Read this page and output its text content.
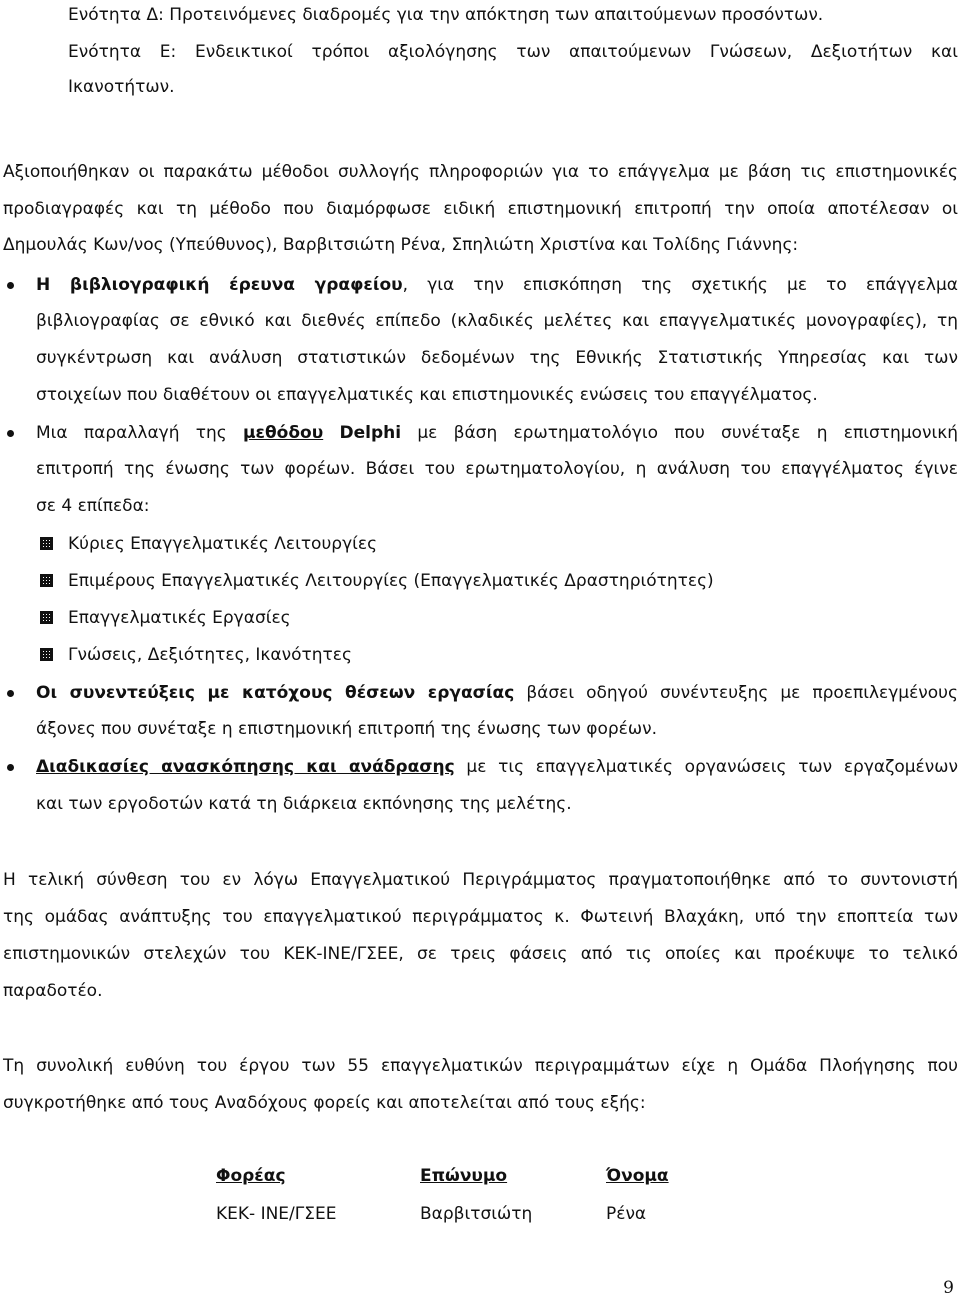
Ενότητα Δ: Προτεινόμενες διαδρομές για την απόκτηση των απαιτούμενων προσόντων.
Ενότητα Ε: Ενδεικτικοί τρόποι αξιολόγησης των απαιτούμενων Γνώσεων, Δεξιοτήτων και
Ικανοτήτων.
Αξιοποιήθηκαν οι παρακάτω μέθοδοι συλλογής πληροφοριών για το επάγγελμα με βάση τις επιστημονικές
προδιαγραφές και τη μέθοδο που διαμόρφωσε ειδική επιστημονική επιτροπή την οποία αποτέλεσαν οι
Δημουλάς Κων/νος (Υπεύθυνος), Βαρβιτσιώτη Ρένα, Σπηλιώτη Χριστίνα και Τολίδης Γιάννης:
Η βιβλιογραφική έρευνα γραφείου, για την επισκόπηση της σχετικής με το επάγγελμα
βιβλιογραφίας σε εθνικό και διεθνές επίπεδο (κλαδικές μελέτες και επαγγελματικές μονογραφίες), τη
συγκέντρωση και ανάλυση στατιστικών δεδομένων της Εθνικής Στατιστικής Υπηρεσίας και των
στοιχείων που διαθέτουν οι επαγγελματικές και επιστημονικές ενώσεις του επαγγέλματος.
Μια παραλλαγή της μεθόδου Delphi με βάση ερωτηματολόγιο που συνέταξε η επιστημονική
επιτροπή της ένωσης των φορέων. Βάσει του ερωτηματολογίου, η ανάλυση του επαγγέλματος έγινε
σε 4 επίπεδα:
Κύριες Επαγγελματικές Λειτουργίες
Επιμέρους Επαγγελματικές Λειτουργίες (Επαγγελματικές Δραστηριότητες)
Επαγγελματικές Εργασίες
Γνώσεις, Δεξιότητες, Ικανότητες
Οι συνεντεύξεις με κατόχους θέσεων εργασίας βάσει οδηγού συνέντευξης με προεπιλεγμένους
άξονες που συνέταξε η επιστημονική επιτροπή της ένωσης των φορέων.
Διαδικασίες ανασκόπησης και ανάδρασης με τις επαγγελματικές οργανώσεις των εργαζομένων
και των εργοδοτών κατά τη διάρκεια εκπόνησης της μελέτης.
Η τελική σύνθεση του εν λόγω Επαγγελματικού Περιγράμματος πραγματοποιήθηκε από το συντονιστή
της ομάδας ανάπτυξης του επαγγελματικού περιγράμματος κ. Φωτεινή Βλαχάκη, υπό την εποπτεία των
επιστημονικών στελεχών του ΚΕΚ-ΙΝΕ/ΓΣΕΕ, σε τρεις φάσεις από τις οποίες και προέκυψε το τελικό
παραδοτέο.
Τη συνολική ευθύνη του έργου των 55 επαγγελματικών περιγραμμάτων είχε η Ομάδα Πλοήγησης που
συγκροτήθηκε από τους Αναδόχους φορείς και αποτελείται από τους εξής:
Φορέας	Επώνυμο	Όνομα
ΚΕΚ- ΙΝΕ/ΓΣΕΕ	Βαρβιτσιώτη	Ρένα
9
